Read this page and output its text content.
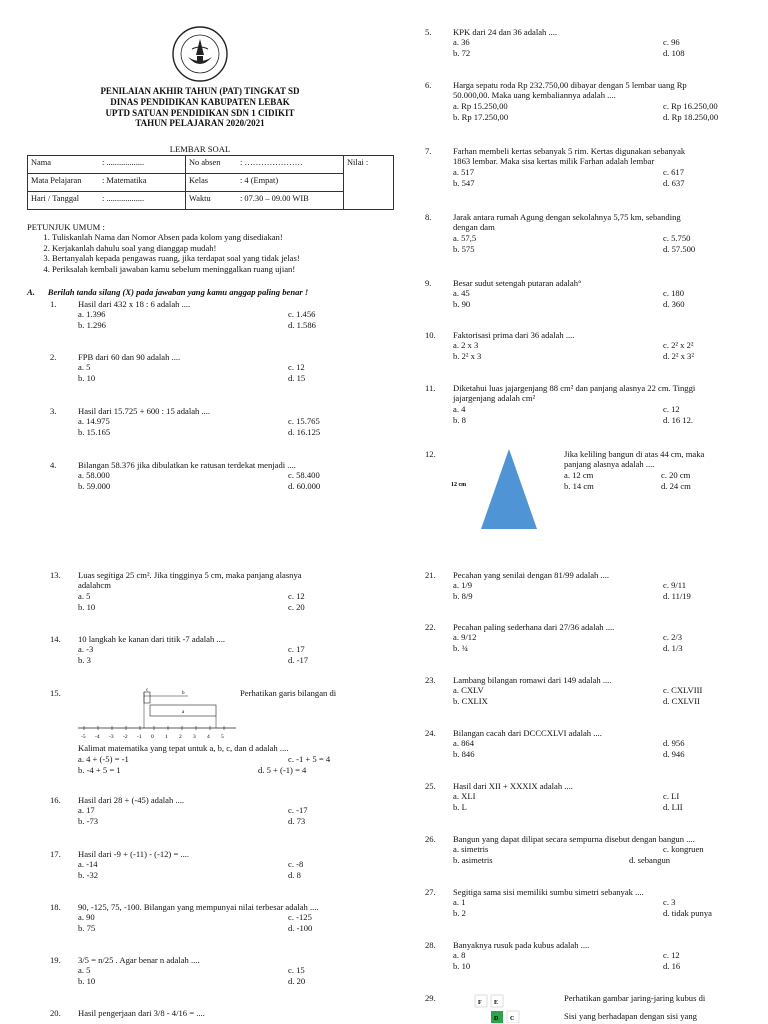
PENILAIAN AKHIR TAHUN (PAT) TINGKAT SD
DINAS PENDIDIKAN KABUPATEN LEBAK
UPTD SATUAN PENDIDIKAN SDN 1 CIDIKIT
TAHUN PELAJARAN 2020/2021
LEMBAR SOAL
Nama	: ..................	No absen	: …………………	Nilai :
Mata Pelajaran	: Matematika	Kelas	: 4 (Empat)	
Hari / Tanggal	: ..................	Waktu	: 07.30 – 09.00 WIB	
PETUNJUK UMUM :
1. Tuliskanlah Nama dan Nomor Absen pada kolom yang disediakan!
2. Kerjakanlah dahulu soal yang dianggap mudah!
3. Bertanyalah kepada pengawas ruang, jika terdapat soal yang tidak jelas!
4. Periksalah kembali jawaban kamu sebelum meninggalkan ruang ujian!
A. Berilah tanda silang (X) pada jawaban yang kamu anggap paling benar !
1.	Hasil dari 432 x 18 : 6 adalah ....
a. 1.396	c. 1.456
b. 1.296	d. 1.586
2.	FPB dari 60 dan 90 adalah ....
a. 5	c. 12
b. 10	d. 15
3.	Hasil dari 15.725 + 600 : 15 adalah ....
a. 14.975	c. 15.765
b. 15.165	d. 16.125
4.	Bilangan 58.376 jika dibulatkan ke ratusan terdekat menjadi ....
a. 58.000	c. 58.400
b. 59.000	d. 60.000
13. Luas segitiga 25 cm². Jika tingginya 5 cm, maka panjang alasnya
adalahcm
a. 5	c. 12
b. 10	c. 20
14. 10 langkah ke kanan dari titik -7 adalah ....
a. -3	c. 17
b. 3	d. -17
15.	Perhatikan garis bilangan di
-5 -4 -3 -2 -1 0 1 2 3 4 5
c
b
a
Kalimat matematika yang tepat untuk a, b, c, dan d adalah ....
a. 4 + (-5) = -1	c. -1 + 5 = 4
b. -4 + 5 = 1	d. 5 + (-1) = 4
16. Hasil dari 28 + (-45) adalah ....
a. 17	c. -17
b. -73	d. 73
17. Hasil dari -9 + (-11) - (-12) = ....
a. -14	c. -8
b. -32	d. 8
18. 90, -125, 75, -100. Bilangan yang mempunyai nilai terbesar adalah ....
a. 90	c. -125
b. 75	d. -100
19. 3/5 = n/25 . Agar benar n adalah ....
a. 5	c. 15
b. 10	d. 20
20. Hasil pengerjaan dari 3/8 - 4/16 = ....
5.	KPK dari 24 dan 36 adalah ....
a. 36	c. 96
b. 72	d. 108
6.	Harga sepatu roda Rp 232.750,00 dibayar dengan 5 lembar uang Rp
50.000,00. Maka uang kembaliannya adalah ....
a. Rp 15.250,00	c. Rp 16.250,00
b. Rp 17.250,00	d. Rp 18.250,00
7.	Farhan membeli kertas sebanyak 5 rim. Kertas digunakan sebanyak
1863 lembar. Maka sisa kertas milik Farhan adalah lembar
a. 517	c. 617
b. 547	d. 637
8.	Jarak antara rumah Agung dengan sekolahnya 5,75 km, sebanding
dengan dam
a. 57,5	c. 5.750
b. 575	d. 57.500
9.	Besar sudut setengah putaran adalah°
a. 45	c. 180
b. 90	d. 360
10. Faktorisasi prima dari 36 adalah ....
a. 2 x 3	c. 2² x 2²
b. 2² x 3	d. 2² x 3²
11. Diketahui luas jajargenjang 88 cm² dan panjang alasnya 22 cm. Tinggi
jajargenjang adalah cm²
a. 4	c. 12
b. 8	d. 16 12.
12.
12 cm
Jika keliling bangun di atas 44 cm, maka
panjang alasnya adalah ....
a. 12 cm	c. 20 cm
b. 14 cm	d. 24 cm
21. Pecahan yang senilai dengan 81/99 adalah ....
a. 1/9	c. 9/11
b. 8/9	d. 11/19
22. Pecahan paling sederhana dari 27/36 adalah ....
a. 9/12	c. 2/3
b. ¾	d. 1/3
23. Lambang bilangan romawi dari 149 adalah ....
a. CXLV	c. CXLVIII
b. CXLIX	d. CXLVII
24. Bilangan cacah dari DCCCXLVI adalah ....
a. 864	d. 956
b. 846	d. 946
25. Hasil dari XII + XXXIX adalah ....
a. XLI	c. LI
b. L	d. LII
26. Bangun yang dapat dilipat secara sempurna disebut dengan bangun ....
a. simetris	c. kongruen
b. asimetris	d. sebangun
27. Segitiga sama sisi memiliki sumbu simetri sebanyak ....
a. 1	c. 3
b. 2	d. tidak punya
28. Banyaknya rusuk pada kubus adalah ....
a. 8	c. 12
b. 10	d. 16
29.	F E
D C
Perhatikan gambar jaring-jaring kubus di
Sisi yang berhadapan dengan sisi yang
